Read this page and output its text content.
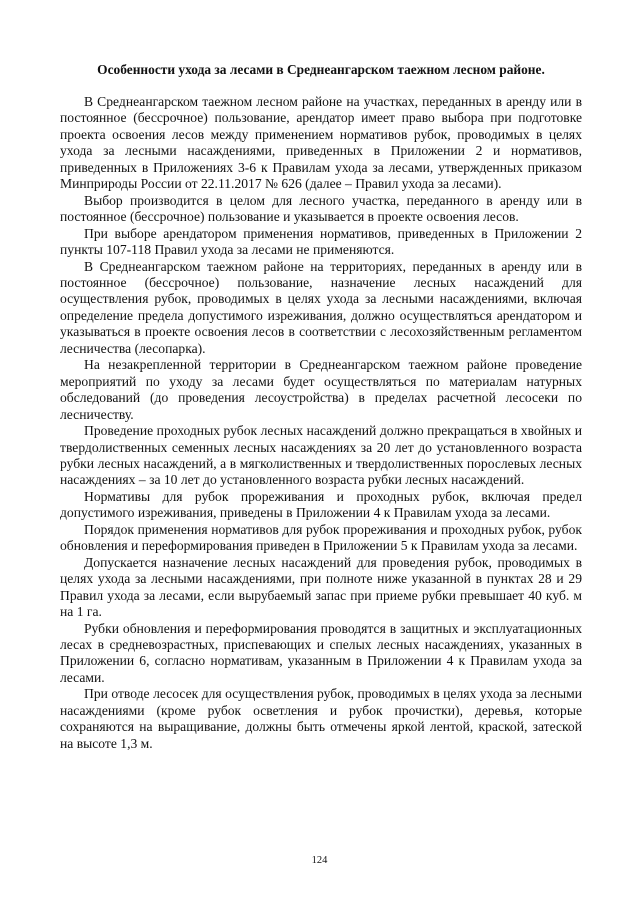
Особенности ухода за лесами в Среднеангарском таежном лесном районе.

В Среднеангарском таежном лесном районе на участках, переданных в аренду или в постоянное (бессрочное) пользование, арендатор имеет право выбора при подготовке проекта освоения лесов между применением нормативов рубок, проводимых в целях ухода за лесными насаждениями, приведенных в Приложении 2 и нормативов, приведенных в Приложениях 3-6 к Правилам ухода за лесами, утвержденных приказом Минприроды России от 22.11.2017 № 626 (далее – Правил ухода за лесами).

Выбор производится в целом для лесного участка, переданного в аренду или в постоянное (бессрочное) пользование и указывается в проекте освоения лесов.

При выборе арендатором применения нормативов, приведенных в Приложении 2 пункты 107-118 Правил ухода за лесами не применяются.

В Среднеангарском таежном районе на территориях, переданных в аренду или в постоянное (бессрочное) пользование, назначение лесных насаждений для осуществления рубок, проводимых в целях ухода за лесными насаждениями, включая определение предела допустимого изреживания, должно осуществляться арендатором и указываться в проекте освоения лесов в соответствии с лесохозяйственным регламентом лесничества (лесопарка).

На незакрепленной территории в Среднеангарском таежном районе проведение мероприятий по уходу за лесами будет осуществляться по материалам натурных обследований (до проведения лесоустройства) в пределах расчетной лесосеки по лесничеству.

Проведение проходных рубок лесных насаждений должно прекращаться в хвойных и твердолиственных семенных лесных насаждениях за 20 лет до установленного возраста рубки лесных насаждений, а в мягколиственных и твердолиственных порослевых лесных насаждениях – за 10 лет до установленного возраста рубки лесных насаждений.

Нормативы для рубок прореживания и проходных рубок, включая предел допустимого изреживания, приведены в Приложении 4 к Правилам ухода за лесами.

Порядок применения нормативов для рубок прореживания и проходных рубок, рубок обновления и переформирования приведен в Приложении 5 к Правилам ухода за лесами.

Допускается назначение лесных насаждений для проведения рубок, проводимых в целях ухода за лесными насаждениями, при полноте ниже указанной в пунктах 28 и 29 Правил ухода за лесами, если вырубаемый запас при приеме рубки превышает 40 куб. м на 1 га.

Рубки обновления и переформирования проводятся в защитных и эксплуатационных лесах в средневозрастных, приспевающих и спелых лесных насаждениях, указанных в Приложении 6, согласно нормативам, указанным в Приложении 4 к Правилам ухода за лесами.

При отводе лесосек для осуществления рубок, проводимых в целях ухода за лесными насаждениями (кроме рубок осветления и рубок прочистки), деревья, которые сохраняются на выращивание, должны быть отмечены яркой лентой, краской, затеской на высоте 1,3 м.

124
